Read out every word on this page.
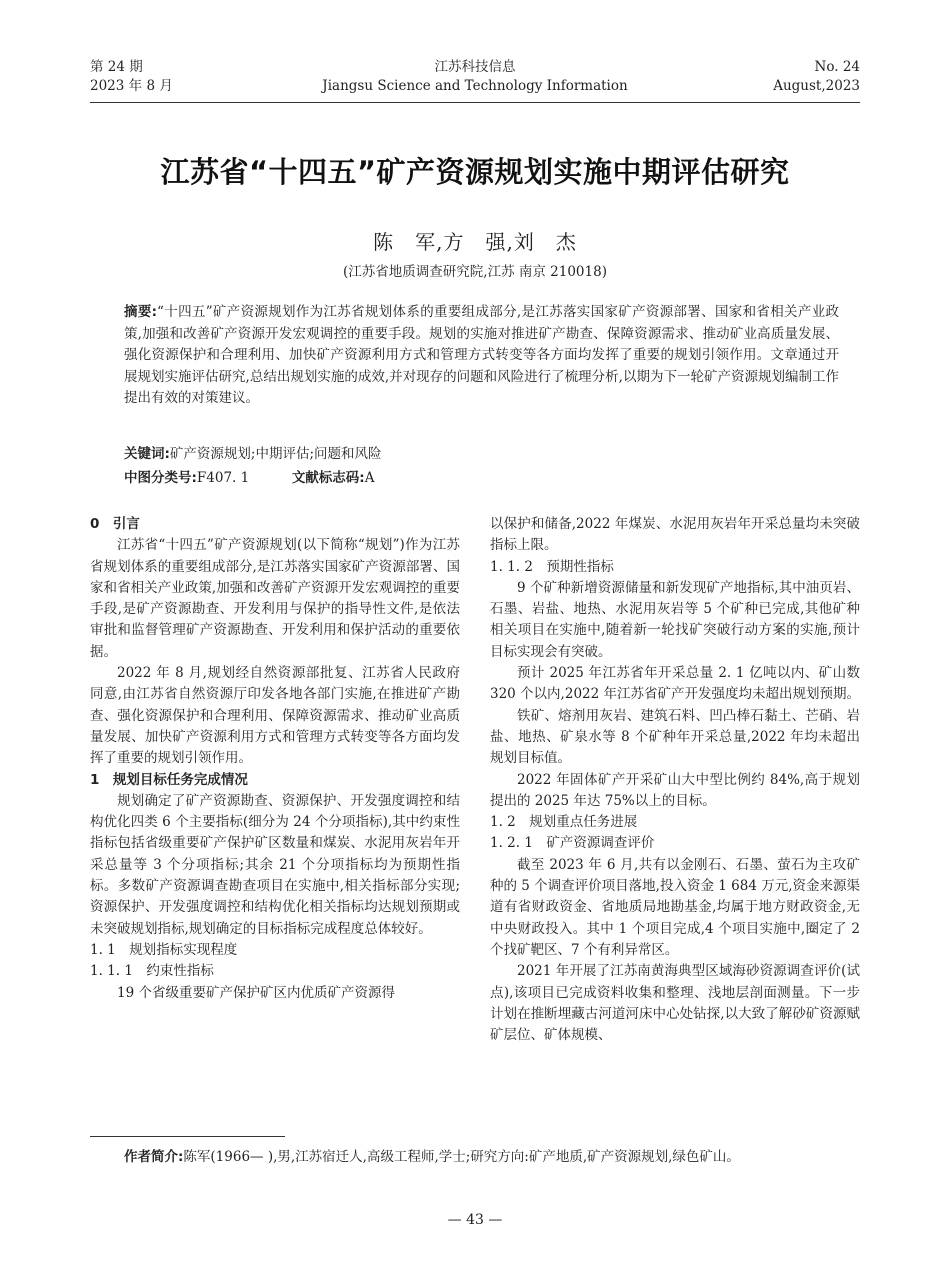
第 24 期
2023 年 8 月
江苏科技信息
Jiangsu Science and Technology Information
No. 24
August,2023
江苏省“十四五”矿产资源规划实施中期评估研究
陈　军,方　强,刘　杰
(江苏省地质调查研究院,江苏 南京 210018)
摘要:“十四五”矿产资源规划作为江苏省规划体系的重要组成部分,是江苏落实国家矿产资源部署、国家和省相关产业政策,加强和改善矿产资源开发宏观调控的重要手段。规划的实施对推进矿产勘查、保障资源需求、推动矿业高质量发展、强化资源保护和合理利用、加快矿产资源利用方式和管理方式转变等各方面均发挥了重要的规划引领作用。文章通过开展规划实施评估研究,总结出规划实施的成效,并对现存的问题和风险进行了梳理分析,以期为下一轮矿产资源规划编制工作提出有效的对策建议。
关键词:矿产资源规划;中期评估;问题和风险
中图分类号:F407. 1	文献标志码:A

0　引言

江苏省“十四五”矿产资源规划(以下简称“规划”)作为江苏省规划体系的重要组成部分,是江苏落实国家矿产资源部署、国家和省相关产业政策,加强和改善矿产资源开发宏观调控的重要手段,是矿产资源勘查、开发利用与保护的指导性文件,是依法审批和监督管理矿产资源勘查、开发利用和保护活动的重要依据。

2022 年 8 月,规划经自然资源部批复、江苏省人民政府同意,由江苏省自然资源厅印发各地各部门实施,在推进矿产勘查、强化资源保护和合理利用、保障资源需求、推动矿业高质量发展、加快矿产资源利用方式和管理方式转变等各方面均发挥了重要的规划引领作用。

1　规划目标任务完成情况

规划确定了矿产资源勘查、资源保护、开发强度调控和结构优化四类 6 个主要指标(细分为 24 个分项指标),其中约束性指标包括省级重要矿产保护矿区数量和煤炭、水泥用灰岩年开采总量等 3 个分项指标;其余 21 个分项指标均为预期性指标。多数矿产资源调查勘查项目在实施中,相关指标部分实现;资源保护、开发强度调控和结构优化相关指标均达规划预期或未突破规划指标,规划确定的目标指标完成程度总体较好。

1. 1　规划指标实现程度

1. 1. 1　约束性指标

19 个省级重要矿产保护矿区内优质矿产资源得

以保护和储备,2022 年煤炭、水泥用灰岩年开采总量均未突破指标上限。

1. 1. 2　预期性指标

9 个矿种新增资源储量和新发现矿产地指标,其中油页岩、石墨、岩盐、地热、水泥用灰岩等 5 个矿种已完成,其他矿种相关项目在实施中,随着新一轮找矿突破行动方案的实施,预计目标实现会有突破。

预计 2025 年江苏省年开采总量 2. 1 亿吨以内、矿山数 320 个以内,2022 年江苏省矿产开发强度均未超出规划预期。

铁矿、熔剂用灰岩、建筑石料、凹凸棒石黏土、芒硝、岩盐、地热、矿泉水等 8 个矿种年开采总量,2022 年均未超出规划目标值。

2022 年固体矿产开采矿山大中型比例约 84%,高于规划提出的 2025 年达 75%以上的目标。

1. 2　规划重点任务进展

1. 2. 1　矿产资源调查评价

截至 2023 年 6 月,共有以金刚石、石墨、萤石为主攻矿种的 5 个调查评价项目落地,投入资金 1 684 万元,资金来源渠道有省财政资金、省地质局地勘基金,均属于地方财政资金,无中央财政投入。其中 1 个项目完成,4 个项目实施中,圈定了 2 个找矿靶区、7 个有利异常区。

2021 年开展了江苏南黄海典型区域海砂资源调查评价(试点),该项目已完成资料收集和整理、浅地层剖面测量。下一步计划在推断埋藏古河道河床中心处钻探,以大致了解砂矿资源赋矿层位、矿体规模、

作者简介:陈军(1966— ),男,江苏宿迁人,高级工程师,学士;研究方向:矿产地质,矿产资源规划,绿色矿山。
— 43 —
